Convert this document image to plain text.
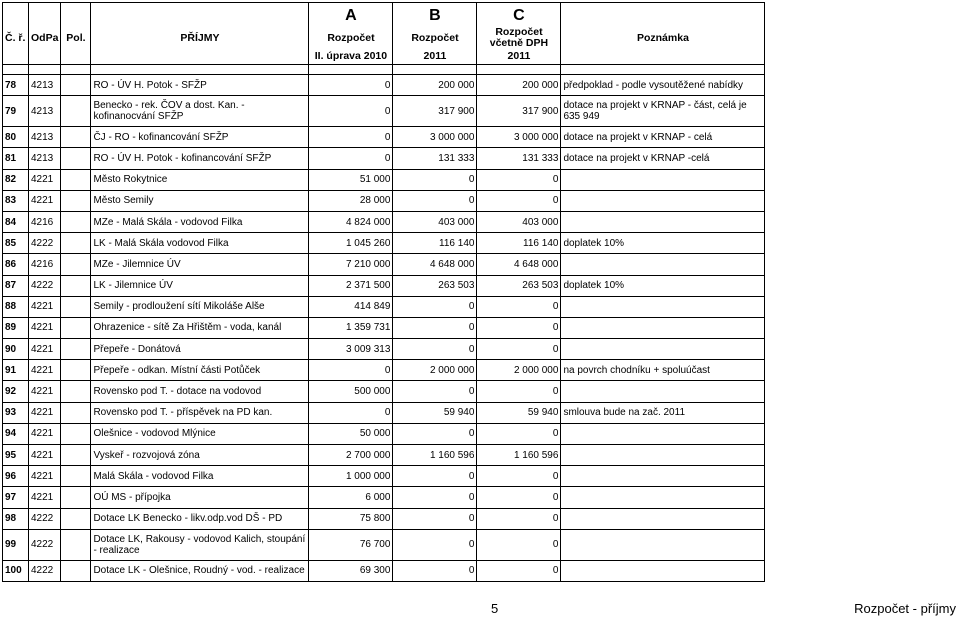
				A	B	C	
Č. ř.	OdPa	Pol.	PŘÍJMY	Rozpočet	Rozpočet	Rozpočet včetně DPH	Poznámka
				II. úprava 2010	2011	2011	

78	4213		RO - ÚV H. Potok - SFŽP	0	200 000	200 000	předpoklad - podle vysoutěžené nabídky
79	4213		Benecko - rek. ČOV a dost. Kan. - kofinanocvání SFŽP	0	317 900	317 900	dotace na projekt v KRNAP - část, celá je 635 949
80	4213		ČJ - RO - kofinancování SFŽP	0	3 000 000	3 000 000	dotace na projekt v KRNAP - celá
81	4213		RO - ÚV H. Potok - kofinancování SFŽP	0	131 333	131 333	dotace na projekt v KRNAP -celá
82	4221		Město Rokytnice	51 000	0	0	
83	4221		Město Semily	28 000	0	0	
84	4216		MZe - Malá Skála - vodovod Filka	4 824 000	403 000	403 000	
85	4222		LK - Malá Skála vodovod Filka	1 045 260	116 140	116 140	doplatek 10%
86	4216		MZe - Jilemnice ÚV	7 210 000	4 648 000	4 648 000	
87	4222		LK - Jilemnice ÚV	2 371 500	263 503	263 503	doplatek 10%
88	4221		Semily - prodloužení sítí Mikoláše Alše	414 849	0	0	
89	4221		Ohrazenice - sítě Za Hřištěm - voda, kanál	1 359 731	0	0	
90	4221		Přepeře - Donátová	3 009 313	0	0	
91	4221		Přepeře - odkan. Místní části Potůček	0	2 000 000	2 000 000	na povrch chodníku + spoluúčast
92	4221		Rovensko pod T. - dotace na vodovod	500 000	0	0	
93	4221		Rovensko pod T. - příspěvek na PD kan.	0	59 940	59 940	smlouva bude na zač. 2011
94	4221		Olešnice - vodovod Mlýnice	50 000	0	0	
95	4221		Vyskeř - rozvojová zóna	2 700 000	1 160 596	1 160 596	
96	4221		Malá Skála - vodovod Filka	1 000 000	0	0	
97	4221		OÚ MS - přípojka	6 000	0	0	
98	4222		Dotace LK Benecko - likv.odp.vod DŠ - PD	75 800	0	0	
99	4222		Dotace LK, Rakousy - vodovod Kalich, stoupání - realizace	76 700	0	0	
100	4222		Dotace LK - Olešnice, Roudný - vod. - realizace	69 300	0	0	
5	Rozpočet - příjmy
